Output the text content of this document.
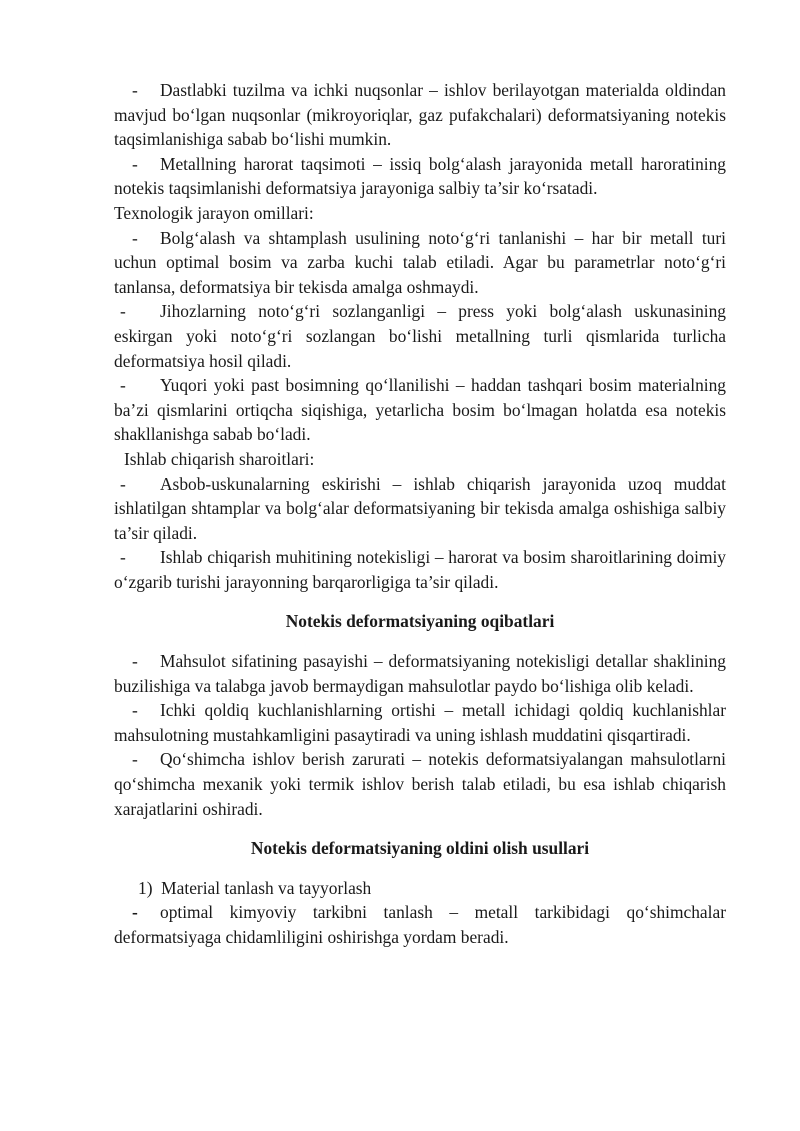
- Dastlabki tuzilma va ichki nuqsonlar – ishlov berilayotgan materialda oldindan mavjud bo‘lgan nuqsonlar (mikroyoriqlar, gaz pufakchalari) deformatsiyaning notekis taqsimlanishiga sabab bo‘lishi mumkin.

- Metallning harorat taqsimoti – issiq bolg‘alash jarayonida metall haroratining notekis taqsimlanishi deformatsiya jarayoniga salbiy ta’sir ko‘rsatadi.

Texnologik jarayon omillari:

- Bolg‘alash va shtamplash usulining noto‘g‘ri tanlanishi – har bir metall turi uchun optimal bosim va zarba kuchi talab etiladi. Agar bu parametrlar noto‘g‘ri tanlansa, deformatsiya bir tekisda amalga oshmaydi.

- Jihozlarning noto‘g‘ri sozlanganligi – press yoki bolg‘alash uskunasining eskirgan yoki noto‘g‘ri sozlangan bo‘lishi metallning turli qismlarida turlicha deformatsiya hosil qiladi.

- Yuqori yoki past bosimning qo‘llanilishi – haddan tashqari bosim materialning ba’zi qismlarini ortiqcha siqishiga, yetarlicha bosim bo‘lmagan holatda esa notekis shakllanishga sabab bo‘ladi.

Ishlab chiqarish sharoitlari:

- Asbob-uskunalarning eskirishi – ishlab chiqarish jarayonida uzoq muddat ishlatilgan shtamplar va bolg‘alar deformatsiyaning bir tekisda amalga oshishiga salbiy ta’sir qiladi.

- Ishlab chiqarish muhitining notekisligi – harorat va bosim sharoitlarining doimiy o‘zgarib turishi jarayonning barqarorligiga ta’sir qiladi.

Notekis deformatsiyaning oqibatlari

- Mahsulot sifatining pasayishi – deformatsiyaning notekisligi detallar shaklining buzilishiga va talabga javob bermaydigan mahsulotlar paydo bo‘lishiga olib keladi.

- Ichki qoldiq kuchlanishlarning ortishi – metall ichidagi qoldiq kuchlanishlar mahsulotning mustahkamligini pasaytiradi va uning ishlash muddatini qisqartiradi.

- Qo‘shimcha ishlov berish zarurati – notekis deformatsiyalangan mahsulotlarni qo‘shimcha mexanik yoki termik ishlov berish talab etiladi, bu esa ishlab chiqarish xarajatlarini oshiradi.

Notekis deformatsiyaning oldini olish usullari

1)  Material tanlash va tayyorlash

- optimal kimyoviy tarkibni tanlash – metall tarkibidagi qo‘shimchalar deformatsiyaga chidamliligini oshirishga yordam beradi.
